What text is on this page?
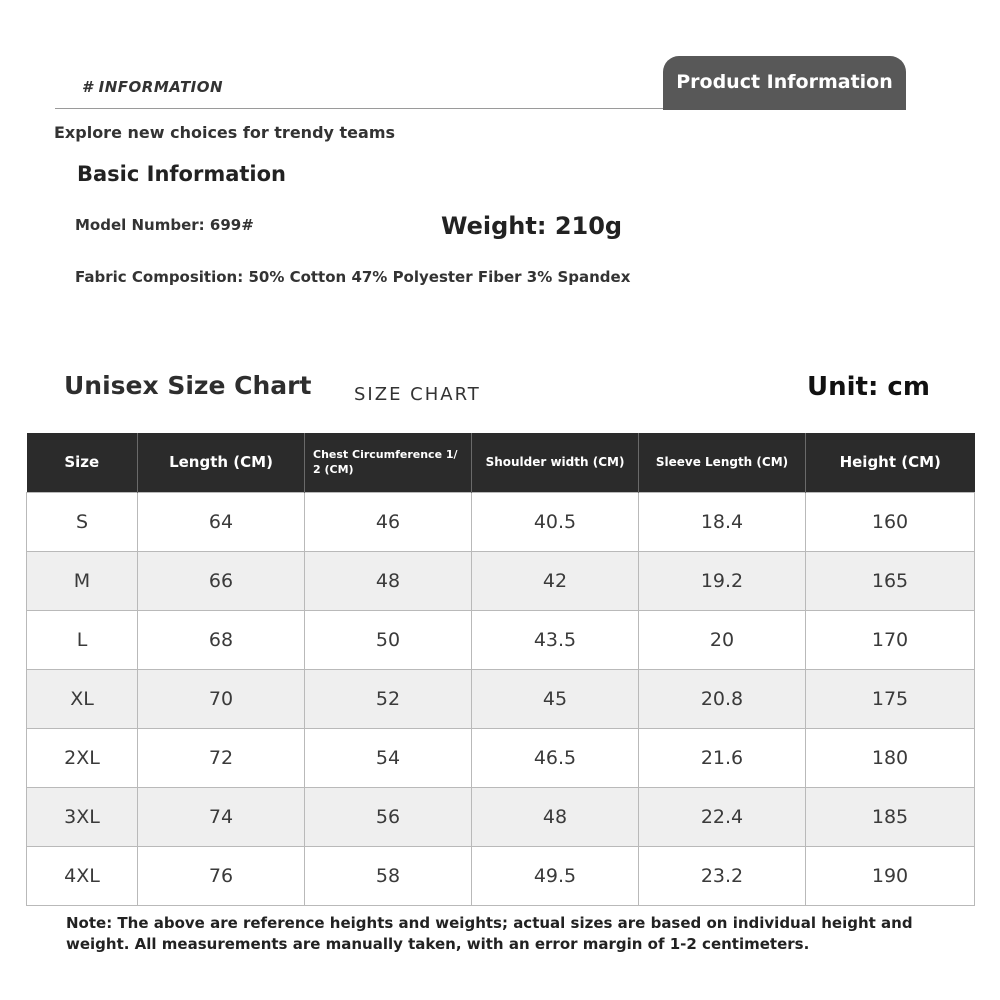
# INFORMATION	Product Information
Explore new choices for trendy teams
Basic Information
Model Number: 699#	Weight: 210g
Fabric Composition: 50% Cotton 47% Polyester Fiber 3% Spandex
Unisex Size Chart SIZE CHART	Unit: cm
Size	Length (CM)	Chest Circumference 1/ 2 (CM)	Shoulder width (CM)	Sleeve Length (CM)	Height (CM)
S	64	46	40.5	18.4	160
M	66	48	42	19.2	165
L	68	50	43.5	20	170
XL	70	52	45	20.8	175
2XL	72	54	46.5	21.6	180
3XL	74	56	48	22.4	185
4XL	76	58	49.5	23.2	190
Note: The above are reference heights and weights; actual sizes are based on individual height and weight. All measurements are manually taken, with an error margin of 1-2 centimeters.
